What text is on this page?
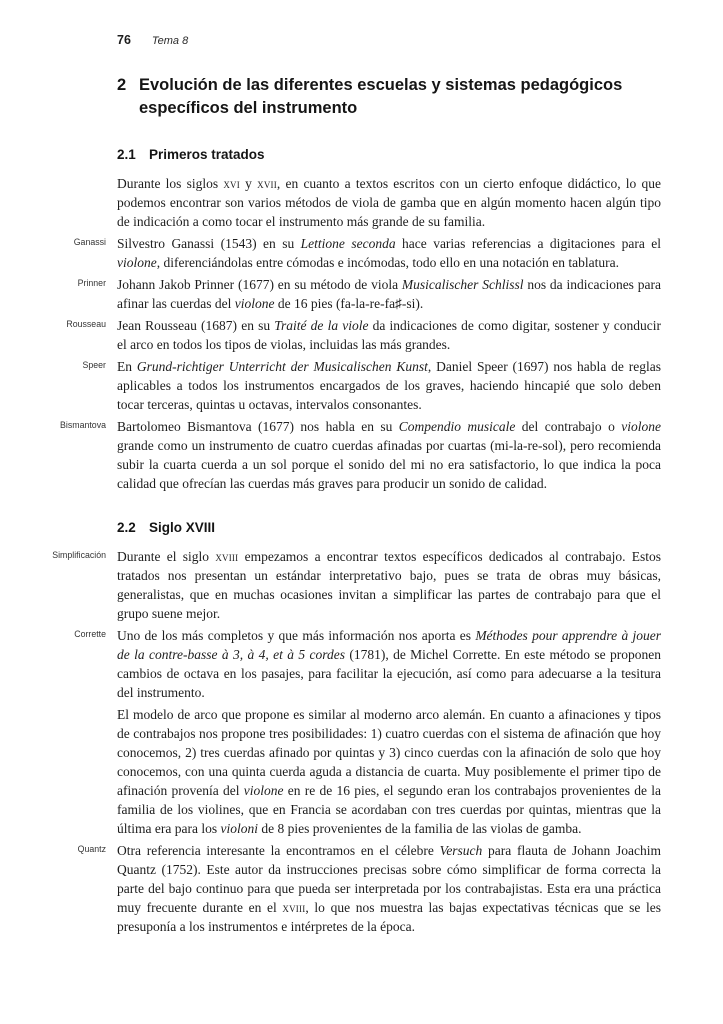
76 Tema 8
2 Evolución de las diferentes escuelas y sistemas pedagógicos específicos del instrumento
2.1 Primeros tratados
Durante los siglos xvi y xvii, en cuanto a textos escritos con un cierto enfoque didáctico, lo que podemos encontrar son varios métodos de viola de gamba que en algún momento hacen algún tipo de indicación a como tocar el instrumento más grande de su familia.
Ganassi Silvestro Ganassi (1543) en su Lettione seconda hace varias referencias a digitaciones para el violone, diferenciándolas entre cómodas e incómodas, todo ello en una notación en tablatura.
Prinner Johann Jakob Prinner (1677) en su método de viola Musicalischer Schlissl nos da indicaciones para afinar las cuerdas del violone de 16 pies (fa-la-re-fa♯-si).
Rousseau Jean Rousseau (1687) en su Traité de la viole da indicaciones de como digitar, sostener y conducir el arco en todos los tipos de violas, incluidas las más grandes.
Speer En Grund-richtiger Unterricht der Musicalischen Kunst, Daniel Speer (1697) nos habla de reglas aplicables a todos los instrumentos encargados de los graves, haciendo hincapié que solo deben tocar terceras, quintas u octavas, intervalos consonantes.
Bismantova Bartolomeo Bismantova (1677) nos habla en su Compendio musicale del contrabajo o violone grande como un instrumento de cuatro cuerdas afinadas por cuartas (mi-la-re-sol), pero recomienda subir la cuarta cuerda a un sol porque el sonido del mi no era satisfactorio, lo que indica la poca calidad que ofrecían las cuerdas más graves para producir un sonido de calidad.
2.2 Siglo XVIII
Simplificación Durante el siglo xviii empezamos a encontrar textos específicos dedicados al contrabajo. Estos tratados nos presentan un estándar interpretativo bajo, pues se trata de obras muy básicas, generalistas, que en muchas ocasiones invitan a simplificar las partes de contrabajo para que el grupo suene mejor.
Corrette Uno de los más completos y que más información nos aporta es Méthodes pour apprendre à jouer de la contre-basse à 3, à 4, et à 5 cordes (1781), de Michel Corrette. En este método se proponen cambios de octava en los pasajes, para facilitar la ejecución, así como para adecuarse a la tesitura del instrumento.
El modelo de arco que propone es similar al moderno arco alemán. En cuanto a afinaciones y tipos de contrabajos nos propone tres posibilidades: 1) cuatro cuerdas con el sistema de afinación que hoy conocemos, 2) tres cuerdas afinado por quintas y 3) cinco cuerdas con la afinación de solo que hoy conocemos, con una quinta cuerda aguda a distancia de cuarta. Muy posiblemente el primer tipo de afinación provenía del violone en re de 16 pies, el segundo eran los contrabajos provenientes de la familia de los violines, que en Francia se acordaban con tres cuerdas por quintas, mientras que la última era para los violoni de 8 pies provenientes de la familia de las violas de gamba.
Quantz Otra referencia interesante la encontramos en el célebre Versuch para flauta de Johann Joachim Quantz (1752). Este autor da instrucciones precisas sobre cómo simplificar de forma correcta la parte del bajo continuo para que pueda ser interpretada por los contrabajistas. Esta era una práctica muy frecuente durante en el xviii, lo que nos muestra las bajas expectativas técnicas que se les presuponía a los instrumentos e intérpretes de la época.
